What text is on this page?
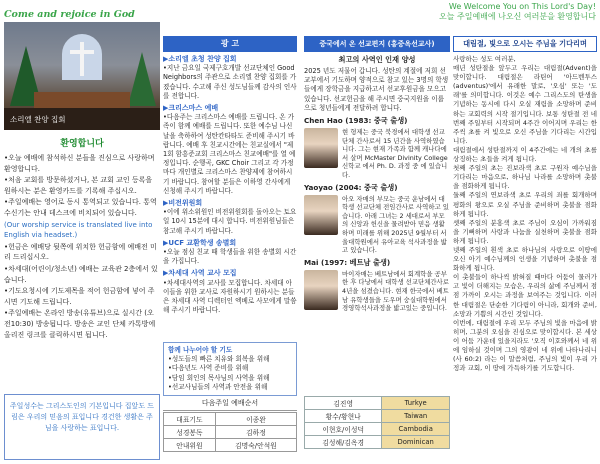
Come and rejoice in God
We Welcome You on This Lord's Day!
오늘 주일예배에 나오신 여러분을 환영합니다
소리엘 찬양 집회
환영합니다

•오늘 예배에 참석하신 분들을 진심으로 사랑하며 환영합니다.

•처음 교회를 방문하셨거나, 본 교회 교인 등록을 원하시는 분은 환영카드를 기록해 주십시오.

•주일예배는 영어로 동시 통역되고 있습니다. 통역 수신기는 안내 데스크에 비치되어 있습니다.

(Our worship service is translated live into English via headset.)

•헌금은 예배당 뒷쪽에 위치한 헌금함에 예배전 미리 드리십시오.

•차세대(어린이/청소년) 예배는 교육관 2층에서 있습니다.

•기도요청시에 기도제목을 적어 헌금함에 넣어 주시면 기도해 드립니다.

•주일예배는 온라인 방송(유튜브)으로 실시간 (오전10:30) 방송됩니다. 방송은 교인 단체 카톡방에 올리진 링크를 클릭하시면 됩니다.

주일성수는 그리스도인의 기본입니다 집앞도 드림은 우리의 믿음의 표입니다 경건한 생활은 주님을 사랑하는 표입니다.
광 고
▶소리엘 초청 찬양 집회

•지난 금요일 국제구호개발 선교단체인 Good Neighbors의 주관으로 소리엘 찬양 집회를 가졌습니다. 수고해 주신 성도님들께 감사의 인사를 전합니다.

▶크리스마스 예배

•다음주는 크리스마스 예배를 드립니다. 온 가족이 함께 예배를 드립니다. 또한 예수님 나신 날을 축하하여 성탄칸타타도 준비해 주시기 바랍니다. 예배 후 친교시간에는 친교실에서 "제1회 함흥준교회 크리스마스 친교예배"를 열 예정입니다. 순행곡, GKC Choir 그리고 각 가정마다 개인별로 크리스마스 찬양제에 참여하시기 바랍니다. 참여할 분들은 이하영 간사에게 신청해 주시기 바랍니다.

▶비전위원회

•이에 위소위원인 비전위원회를 돌아오는 토요일 10시 15분에 대시 합니다. 비전위원님들은 참고해 주시기 바랍니다.

▶UCF 교환학생 송별회

•오늘 점심 친교 때 학생들을 위한 송별회 시간을 가집니다.

▶차세대 사역 교사 모집

•차세대사역의 교사를 모집합니다. 차세대 아이들을 위한 교사로 자원하시기 원하시는 분들은 차세대 사역 디렉터인 엑베로 사모에게 말씀 해 주시기 바랍니다.

함께 나누어야 할 기도
•성도들의 빠른 치유와 회복을 위해
•다음년도 사역 준비를 위해
•담임 회인의 목사님의 사역을 위해
•선교사님들의 사역과 안전을 위해
다음주일 예배순서
대표기도	이종완
성경봉독	김하정
안내위원	김명숙/안석원
중국에서 온 선교편지 (홍중옥선교사)
최고의 사역인 인재 양성
2025 년도 저물어 갑니다. 성탄의 계절에 저희 선교부에서 기도하며 양적으로 참고 있는 3명의 학생들에게 장학금을 지급하고서 선교후원금을 모으고 있습니다. 선교헌금을 해 주시면 중국지원을 이룹으로 청년들에게 전달하려 합니다.
Chen Hao (1983: 중국 출생)
현 형제는 중국 북경에서 대학생 선교단체 간사로서 15 년간을 사역하였습니다. 그는 현재 가족과 함께 캐나다에서 살며 McMaster Divinity College 신학교 에서 Ph. D. 과정 중 에 있습니다.
Yaoyao (2004: 중국 출생)
아오 자매의 부모는 중국 운남에서 대학생 선교단체 전임간사로 사역하고 있습니다. 아래 그녀는 2 세대로서 부모의 신앙과 헌신을 물려받아 믿음 생활하며 미래를 위해 2025년 9월부터 서울대학원에서 유아교육 석사과정을 밟고 있습니다.
Mai (1997: 베트남 출생)
마이자매는 베트남에서 회계학을 공부한 후 다낭에서 대학생 선교단체간사로 4년을 섬겼습니다. 현재 한국에서 베트남 유학생들을 도우며 숭실대학원에서 경영학석사과정을 밟고있는 중입니다.
김진영	Turkye
황수/황현나	Taiwan
이현호/이성덕	Cambodia
김성해/김옥경	Dominican
대림절, 빛으로 오시는 주님을 기다리며

사랑하는 성도 여러분,

매년 성탄절을 앞두고 우리는 대림절(Advent)을 맞이합니다. 대림절은 라틴어 '아드벤투스(adventus)'에서 유래한 말로, '오심' 또는 '도래'를 의미합니다. 이것은 예수 그리스도의 탄생을 기념하는 동시에 다시 오실 재림을 소망하며 준비하는 교회력의 시작 절기입니다. 보통 성탄절 전 네 번째 주일부터 시작되며 4주간 이어지며 우리는 한 주씩 초를 켜 빛으로 오신 주님을 기다리는 시간입니다.

대림절에서 성탄절까지 이 4주간에는 네 개의 초를 상징하는 초들을 켜게 됩니다.

첫째 주일의 초는 진보라색 초로 구원자 예수님을 기다리는 마음으로, 하나님 나라를 소망하며 촛불을 점화하게 됩니다.

둘째 주일의 연보라색 초로 우리의 죄를 회개하며 평화의 왕으로 오실 주님을 준비하며 촛불을 점화하게 됩니다.

셋째 주일의 분홍색 초로 주님이 오심이 가까워짐을 기뻐하며 사랑과 나눔을 실천하며 촛불을 점화하게 됩니다.

넷째 주일의 흰색 초로 하나님의 사랑으로 이땅에 오신 아기 예수님께의 인생을 기념하며 촛불을 점화하게 됩니다.

이 촛불들이 하나씩 밝혀질 때마다 어둠이 물러가고 빛이 더해지는 모습은, 우리의 삶에 주님께서 점점 가까이 오시는 과정을 보여주는 것입니다. 이러한 대림절은 단순한 기다림이 아니라, 회개와 준비, 소망과 기쁨의 시간인 것입니다.

이번에, 대림절에 우리 모두 주님의 빛을 마음에 밝히며, 그분의 오심을 진심으로 맞이합시다. 본 세상이 어둠 가운데 있을지라도 '오직 이호와께서 네 위에 임하실 것이며 그의 영광이 네 위에 나타나리니(사 60:2) 라는 이 말씀처럼, 주님의 빛이 우리 가정과 교회, 이 땅에 가득하기를 기도합니다.
